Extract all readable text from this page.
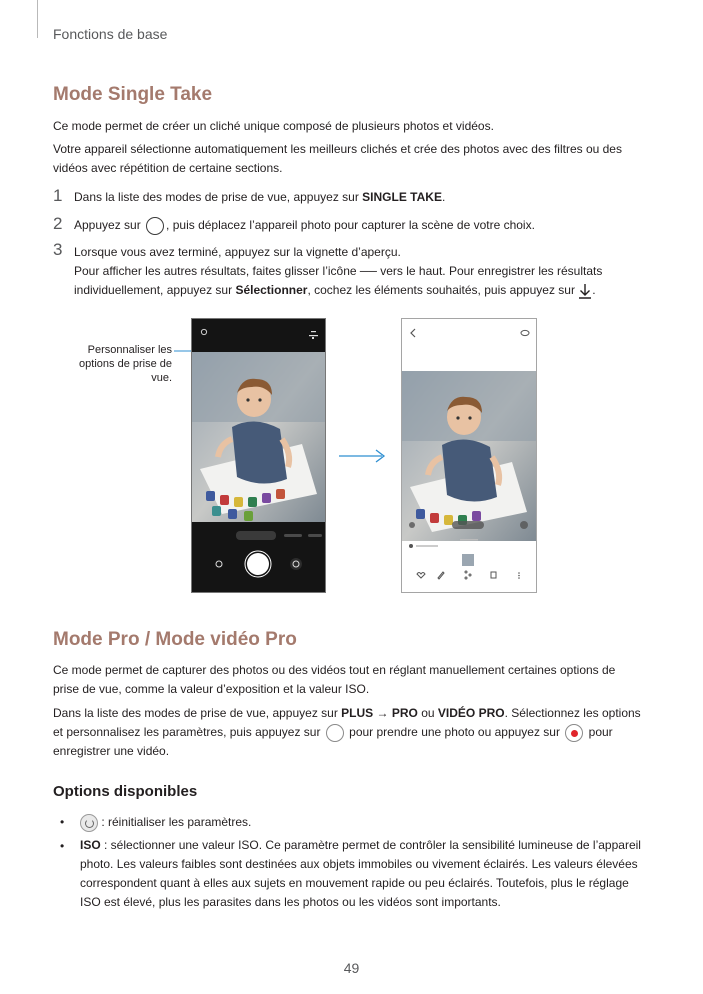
Fonctions de base
Mode Single Take
Ce mode permet de créer un cliché unique composé de plusieurs photos et vidéos.
Votre appareil sélectionne automatiquement les meilleurs clichés et crée des photos avec des filtres ou des
vidéos avec répétition de certaine sections.
1 Dans la liste des modes de prise de vue, appuyez sur SINGLE TAKE.
2 Appuyez sur , puis déplacez l’appareil photo pour capturer la scène de votre choix.
3 Lorsque vous avez terminé, appuyez sur la vignette d’aperçu.
Pour afficher les autres résultats, faites glisser l’icône ── vers le haut. Pour enregistrer les résultats
individuellement, appuyez sur Sélectionner, cochez les éléments souhaités, puis appuyez sur .
Personnaliser les options de prise de vue.
Mode Pro / Mode vidéo Pro
Ce mode permet de capturer des photos ou des vidéos tout en réglant manuellement certaines options de
prise de vue, comme la valeur d’exposition et la valeur ISO.
Dans la liste des modes de prise de vue, appuyez sur PLUS → PRO ou VIDÉO PRO. Sélectionnez les options
et personnalisez les paramètres, puis appuyez sur  pour prendre une photo ou appuyez sur  pour
enregistrer une vidéo.
Options disponibles
•	: réinitialiser les paramètres.
• ISO : sélectionner une valeur ISO. Ce paramètre permet de contrôler la sensibilité lumineuse de l’appareil
photo. Les valeurs faibles sont destinées aux objets immobiles ou vivement éclairés. Les valeurs élevées
correspondent quant à elles aux sujets en mouvement rapide ou peu éclairés. Toutefois, plus le réglage
ISO est élevé, plus les parasites dans les photos ou les vidéos sont importants.
49
